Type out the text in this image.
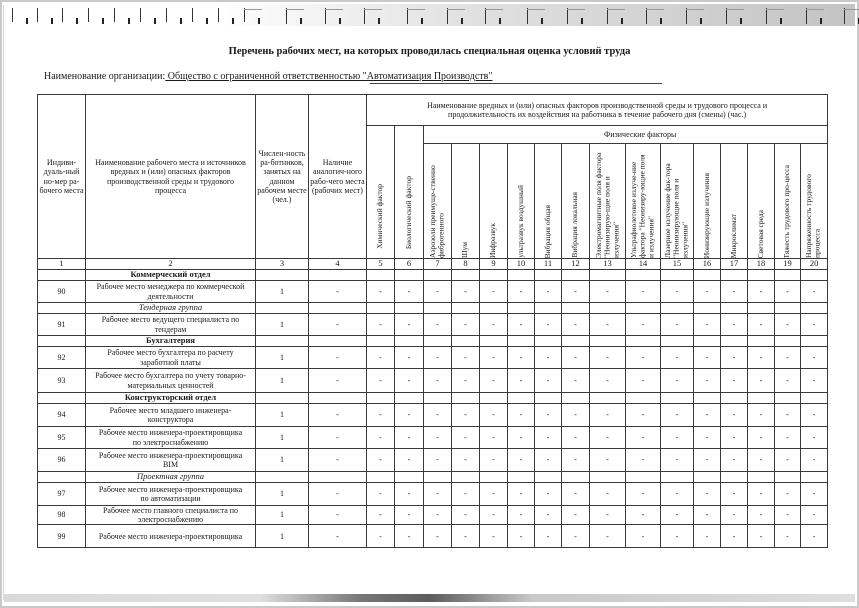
Перечень рабочих мест, на которых проводилась специальная оценка условий труда
Наименование организации: Общество с ограниченной ответственностью "Автоматизация Производств"
Индиви-дуаль-ный но-мер ра-бочего места	Наименование рабочего места и источников вредных и (или) опасных факторов производственной среды и трудового процесса	Числен-ность ра-ботников, занятых на данном рабочем месте (чел.)	Наличие аналогич-ного рабо-чего места (рабочих мест)	Наименование вредных и (или) опасных факторов производственной среды и трудового процесса и продолжительность их воздействия на работника в течение рабочего дня (смены) (час.)															

				Химический фактор	Биологический фактор	Физические факторы													

						Аэрозоли преимуще-ственно фиброгенного	Шум	Инфразвук	ультразвук воздушный	Вибрация общая	Вибрация локальная	Электромагнитные поля фактора "Неонизирую-щие поля и излучения"	Ультрафиолетовое излуче-ние фактора "Неонизиру-ющие поля и излучения"	Лазерное излучение фак-тора "Неонизирующие поля и излучения"	Ионизирующие излучения	Микроклимат	Световая среда	Тяжесть трудового про-цесса	Напряженность трудового процесса

1	2	3	4	5	6	7	8	9	10	11	12	13	14	15	16	17	18	19	20
	Коммерческий отдел																		
90	Рабочее место менеджера по коммерческой деятельности	1	-	-	-	-	-	-	-	-	-	-	-	-	-	-	-	-	-
	Тендерная группа																		
91	Рабочее место ведущего специалиста по тендерам	1	-	-	-	-	-	-	-	-	-	-	-	-	-	-	-	-	-
	Бухгалтерия																		
92	Рабочее место бухгалтера по расчету заработной платы	1	-	-	-	-	-	-	-	-	-	-	-	-	-	-	-	-	-
93	Рабочее место бухгалтера по учету товарно-материальных ценностей	1	-	-	-	-	-	-	-	-	-	-	-	-	-	-	-	-	-
	Конструкторский отдел																		
94	Рабочее место младшего инженера-конструктора	1	-	-	-	-	-	-	-	-	-	-	-	-	-	-	-	-	-
95	Рабочее место инженера-проектировщика по электроснабжению	1	-	-	-	-	-	-	-	-	-	-	-	-	-	-	-	-	-
96	Рабочее место инженера-проектировщика BIM	1	-	-	-	-	-	-	-	-	-	-	-	-	-	-	-	-	-
	Проектная группа																		
97	Рабочее место инженера-проектировщика по автоматизации	1	-	-	-	-	-	-	-	-	-	-	-	-	-	-	-	-	-
98	Рабочее место главного специалиста по электроснабжению	1	-	-	-	-	-	-	-	-	-	-	-	-	-	-	-	-	-
99	Рабочее место инженера-проектировщика	1	-	-	-	-	-	-	-	-	-	-	-	-	-	-	-	-	-
